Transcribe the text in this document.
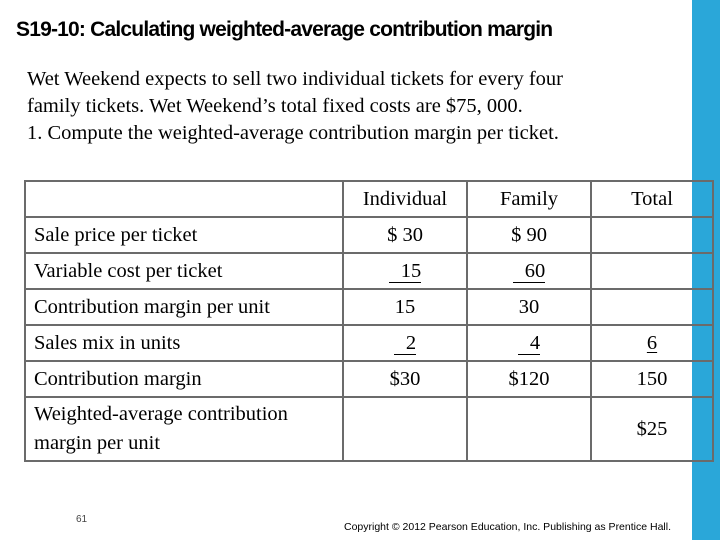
S19-10: Calculating weighted-average contribution margin
Wet Weekend expects to sell two individual tickets for every four
family tickets. Wet Weekend’s total fixed costs are $75, 000.
1. Compute the weighted-average contribution margin per ticket.
	Individual	Family	Total
Sale price per ticket	$ 30	$ 90	
Variable cost per ticket	15	60	
Contribution margin per unit	15	30	
Sales mix in units	2	4	6
Contribution margin	$30	$120	150
Weighted-average contribution margin per unit			$25
61
Copyright © 2012 Pearson Education, Inc. Publishing as Prentice Hall.
